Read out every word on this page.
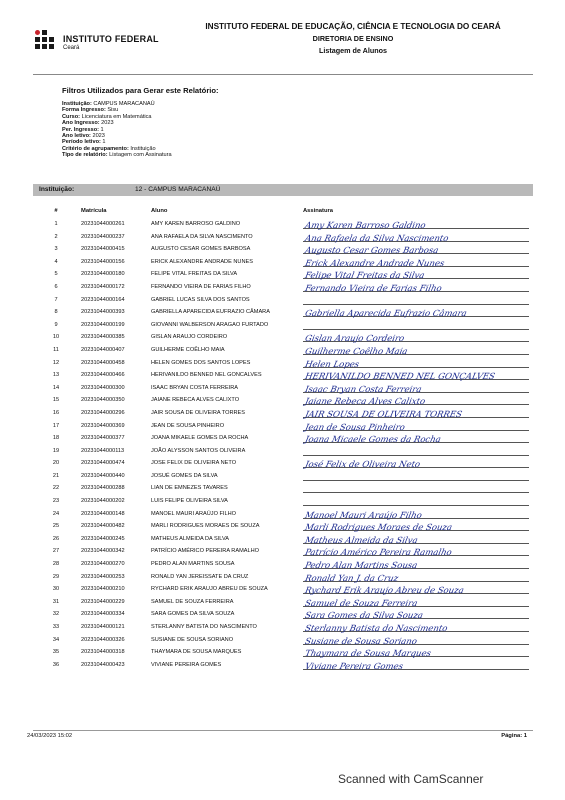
INSTITUTO FEDERAL
Ceará
INSTITUTO FEDERAL DE EDUCAÇÃO, CIÊNCIA E TECNOLOGIA DO CEARÁ
DIRETORIA DE ENSINO
Listagem de Alunos
Filtros Utilizados para Gerar este Relatório:
Instituição: CAMPUS MARACANAÚ
Forma Ingresso: Sisu
Curso: Licenciatura em Matemática
Ano Ingresso: 2023
Per. Ingresso: 1
Ano letivo: 2023
Período letivo: 1
Critério de agrupamento: Instituição
Tipo de relatório: Listagem com Assinatura
Instituição:	12 - CAMPUS MARACANAÚ
#	Matrícula	Aluno	Assinatura
1	20231044000261	AMY KAREN BARROSO GALDINO	Amy Karen Barroso Galdino
2	20231044000237	ANA RAFAELA DA SILVA NASCIMENTO	Ana Rafaela da Silva Nascimento
3	20231044000415	AUGUSTO CESAR GOMES BARBOSA	Augusto Cesar Gomes Barbosa
4	20231044000156	ERICK ALEXANDRE ANDRADE NUNES	Erick Alexandre Andrade Nunes
5	20231044000180	FELIPE VITAL FREITAS DA SILVA	Felipe Vital Freitas da Silva
6	20231044000172	FERNANDO VIEIRA DE FARIAS FILHO	Fernando Vieira de Farias Filho
7	20231044000164	GABRIEL LUCAS SILVA DOS SANTOS
8	20231044000393	GABRIELLA APARECIDA EUFRAZIO CÂMARA	Gabriella Aparecida Eufrazio Câmara
9	20231044000199	GIOVANNI WALBERSON ARAGAO FURTADO
10	20231044000385	GISLAN ARAUJO CORDEIRO	Gislan Araujo Cordeiro
11	20231044000407	GUILHERME COÊLHO MAIA	Guilherme Coêlho Maia
12	20231044000458	HELEN GOMES DOS SANTOS LOPES	Helen Lopes
13	20231044000466	HERIVANILDO BENNED NEL GONCALVES	HERIVANILDO BENNED NEL GONÇALVES
14	20231044000300	ISAAC BRYAN COSTA FERREIRA	Isaac Bryan Costa Ferreira
15	20231044000350	JAIANE REBECA ALVES CALIXTO	Jaiane Rebeca Alves Calixto
16	20231044000296	JAIR SOUSA DE OLIVEIRA TORRES	JAIR SOUSA DE OLIVEIRA TORRES
17	20231044000369	JEAN DE SOUSA PINHEIRO	Jean de Sousa Pinheiro
18	20231044000377	JOANA MIKAELE GOMES DA ROCHA	Joana Micaele Gomes da Rocha
19	20231044000113	JOÃO ALYSSON SANTOS OLIVEIRA
20	20231044000474	JOSE FELIX DE OLIVEIRA NETO	José Felix de Oliveira Neto
21	20231044000440	JOSUÉ GOMES DA SILVA
22	20231044000288	LIAN DE EMNEZES TAVARES
23	20231044000202	LUIS FELIPE OLIVEIRA SILVA
24	20231044000148	MANOEL MAURI ARAÚJO FILHO	Manoel Mauri Araújo Filho
25	20231044000482	MARLI RODRIGUES MORAES DE SOUZA	Marli Rodrigues Moraes de Souza
26	20231044000245	MATHEUS ALMEIDA DA SILVA	Matheus Almeida da Silva
27	20231044000342	PATRÍCIO AMÉRICO PEREIRA RAMALHO	Patrício Américo Pereira Ramalho
28	20231044000270	PEDRO ALAN MARTINS SOUSA	Pedro Alan Martins Sousa
29	20231044000253	RONALD YAN JEREISSATE DA CRUZ	Ronald Yan J. da Cruz
30	20231044000210	RYCHARD ERIK ARAUJO ABREU DE SOUZA	Rychard Erik Araujo Abreu de Souza
31	20231044000229	SAMUEL DE SOUZA FERREIRA	Samuel de Souza Ferreira
32	20231044000334	SARA GOMES DA SILVA SOUZA	Sara Gomes da Silva Souza
33	20231044000121	STERLANNY BATISTA DO NASCIMENTO	Sterlanny Batista do Nascimento
34	20231044000326	SUSIANE DE SOUSA SORIANO	Susiane de Sousa Soriano
35	20231044000318	THAYMARA DE SOUSA MARQUES	Thaymara de Sousa Marques
36	20231044000423	VIVIANE PEREIRA GOMES	Viviane Pereira Gomes
24/03/2023 15:02	Página: 1
Scanned with CamScanner
